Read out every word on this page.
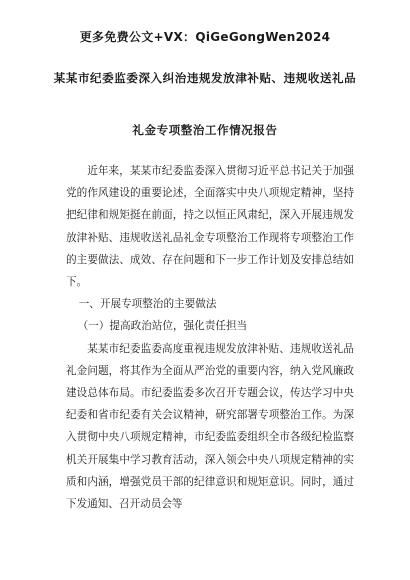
更多免费公文+VX：QiGeGongWen2024
某某市纪委监委深入纠治违规发放津补贴、违规收送礼品
礼金专项整治工作情况报告

近年来，某某市纪委监委深入贯彻习近平总书记关于加强党的作风建设的重要论述，全面落实中央八项规定精神，坚持把纪律和规矩挺在前面，持之以恒正风肃纪，深入开展违规发放津补贴、违规收送礼品礼金专项整治工作现将专项整治工作的主要做法、成效、存在问题和下一步工作计划及安排总结如下。

一、开展专项整治的主要做法

（一）提高政治站位，强化责任担当

某某市纪委监委高度重视违规发放津补贴、违规收送礼品礼金问题，将其作为全面从严治党的重要内容，纳入党风廉政建设总体布局。市纪委监委多次召开专题会议，传达学习中央纪委和省市纪委有关会议精神，研究部署专项整治工作。为深入贯彻中央八项规定精神，市纪委监委组织全市各级纪检监察机关开展集中学习教育活动，深入领会中央八项规定精神的实质和内涵，增强党员干部的纪律意识和规矩意识。同时，通过下发通知、召开动员会等
